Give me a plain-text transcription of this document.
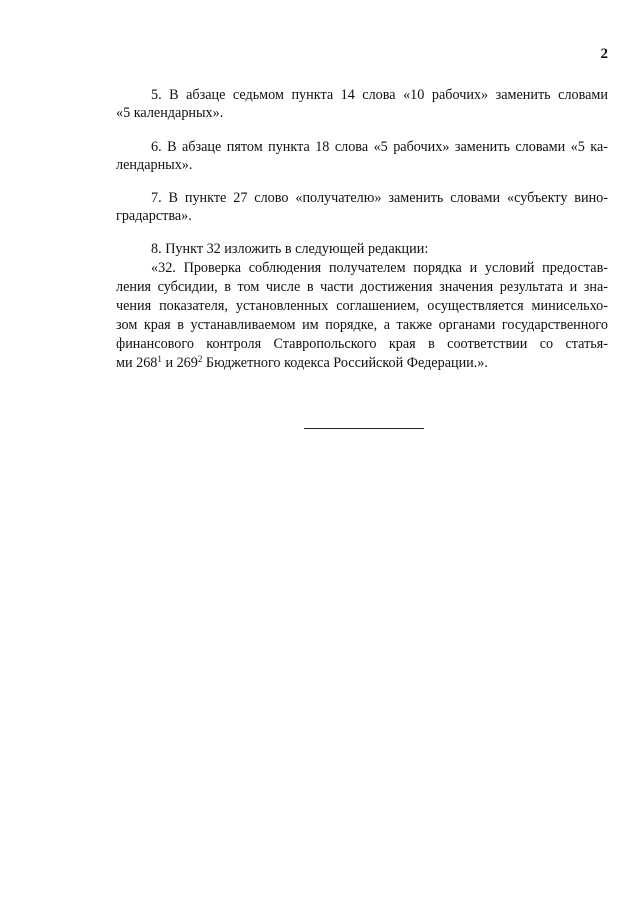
2
5. В абзаце седьмом пункта 14 слова «10 рабочих» заменить словами
«5 календарных».
6. В абзаце пятом пункта 18 слова «5 рабочих» заменить словами «5 ка-
лендарных».
7. В пункте 27 слово «получателю» заменить словами «субъекту вино-
градарства».
8. Пункт 32 изложить в следующей редакции:
«32. Проверка соблюдения получателем порядка и условий предостав-
ления субсидии, в том числе в части достижения значения результата и зна-
чения показателя, установленных соглашением, осуществляется минисельхо-
зом края в устанавливаемом им порядке, а также органами государственного
финансового контроля Ставропольского края в соответствии со статья-
ми $268^1$ и $269^2$ Бюджетного кодекса Российской Федерации.».
